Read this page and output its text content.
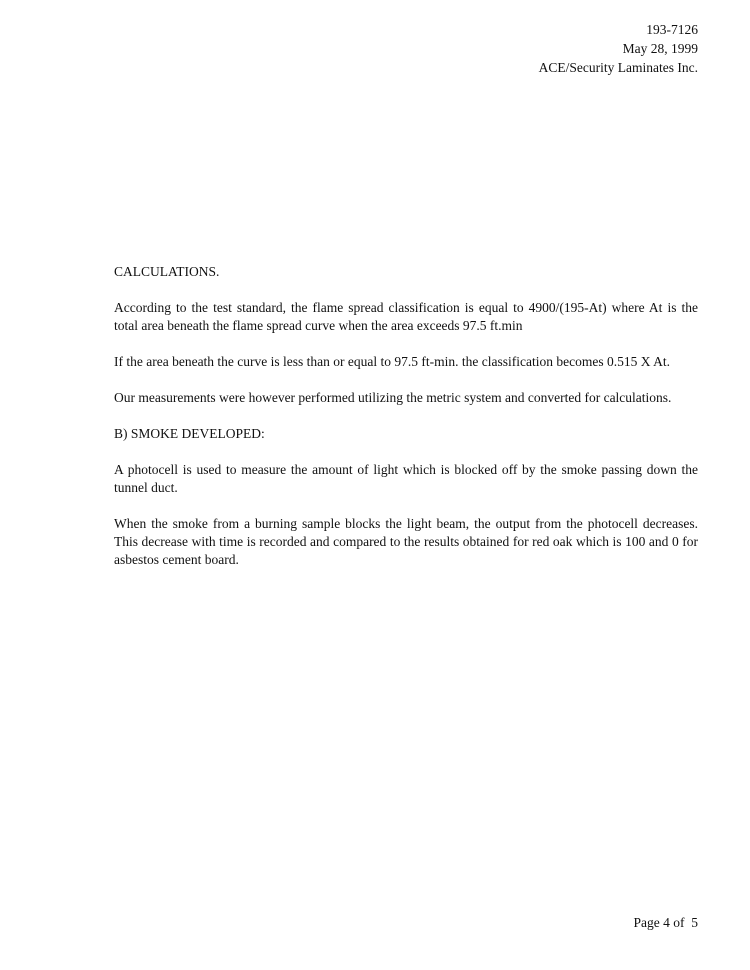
193-7126
May 28, 1999
ACE/Security Laminates Inc.

CALCULATIONS.

According to the test standard, the flame spread classification is equal to 4900/(195-At) where At is the total area beneath the flame spread curve when the area exceeds 97.5 ft.min

If the area beneath the curve is less than or equal to 97.5 ft-min. the classification becomes 0.515 X At.

Our measurements were however performed utilizing the metric system and converted for calculations.

B) SMOKE DEVELOPED:

A photocell is used to measure the amount of light which is blocked off by the smoke passing down the tunnel duct.

When the smoke from a burning sample blocks the light beam, the output from the photocell decreases. This decrease with time is recorded and compared to the results obtained for red oak which is 100 and 0 for asbestos cement board.

Page 4 of  5
